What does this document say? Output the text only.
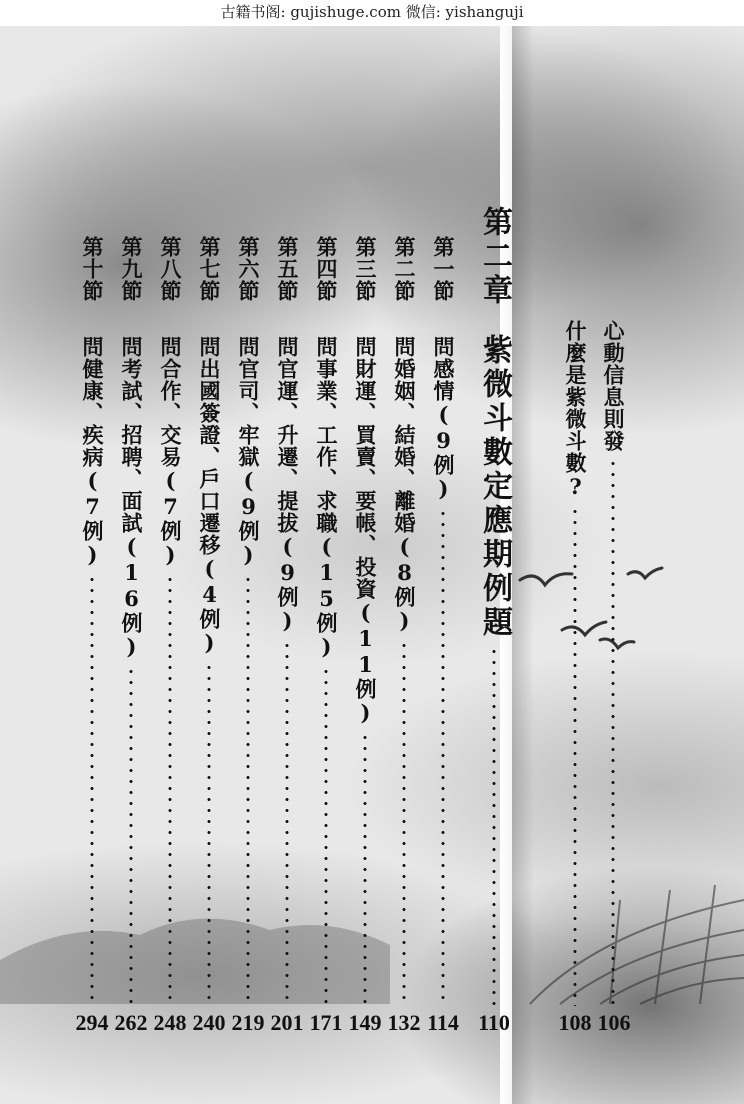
古籍书阁: gujishuge.com 微信: yishanguji
心動信息則發
什麼是紫微斗數?
第二章
紫微斗數定應期例題
第一節
問感情(9例)
第二節
問婚姻、結婚、離婚(8例)
第三節
問財運、買賣、要帳、投資(11例)
第四節
問事業、工作、求職(15例)
第五節
問官運、升遷、提拔(9例)
第六節
問官司、牢獄(9例)
第七節
問出國簽證、戶口遷移(4例)
第八節
問合作、交易(7例)
第九節
問考試、招聘、面試(16例)
第十節
問健康、疾病(7例)
106
108
110
114
132
149
171
201
219
240
248
262
294
